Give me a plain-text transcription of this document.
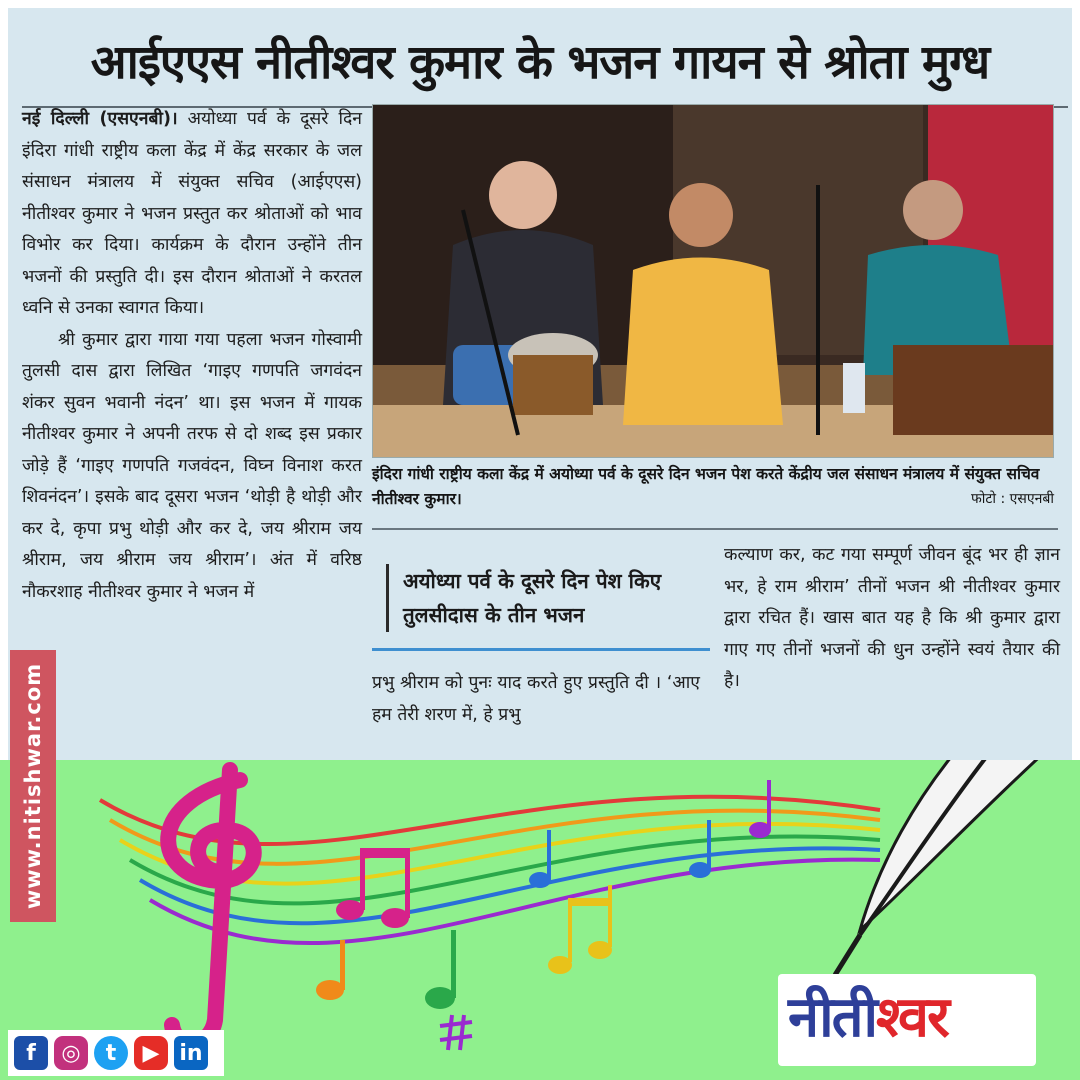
आईएएस नीतीश्वर कुमार के भजन गायन से श्रोता मुग्ध

नई दिल्ली (एसएनबी)। अयोध्या पर्व के दूसरे दिन इंदिरा गांधी राष्ट्रीय कला केंद्र में केंद्र सरकार के जल संसाधन मंत्रालय में संयुक्त सचिव (आईएएस) नीतीश्वर कुमार ने भजन प्रस्तुत कर श्रोताओं को भाव विभोर कर दिया। कार्यक्रम के दौरान उन्होंने तीन भजनों की प्रस्तुति दी। इस दौरान श्रोताओं ने करतल ध्वनि से उनका स्वागत किया।

श्री कुमार द्वारा गाया गया पहला भजन गोस्वामी तुलसी दास द्वारा लिखित ‘गाइए गणपति जगवंदन शंकर सुवन भवानी नंदन’ था। इस भजन में गायक नीतीश्वर कुमार ने अपनी तरफ से दो शब्द इस प्रकार जोड़े हैं ‘गाइए गणपति गजवंदन, विघ्न विनाश करत शिवनंदन’। इसके बाद दूसरा भजन ‘थोड़ी है थोड़ी और कर दे, कृपा प्रभु थोड़ी और कर दे, जय श्रीराम जय श्रीराम, जय श्रीराम जय श्रीराम’। अंत में वरिष्ठ नौकरशाह नीतीश्वर कुमार ने भजन में

इंदिरा गांधी राष्ट्रीय कला केंद्र में अयोध्या पर्व के दूसरे दिन भजन पेश करते केंद्रीय जल संसाधन मंत्रालय में संयुक्त सचिव नीतीश्वर कुमार।	फोटो : एसएनबी
अयोध्या पर्व के दूसरे दिन पेश किए तुलसीदास के तीन भजन
प्रभु श्रीराम को पुनः याद करते हुए प्रस्तुति दी । ‘आए हम तेरी शरण में, हे प्रभु
कल्याण कर, कट गया सम्पूर्ण जीवन बूंद भर ही ज्ञान भर, हे राम श्रीराम’ तीनों भजन श्री नीतीश्वर कुमार द्वारा रचित हैं। खास बात यह है कि श्री कुमार द्वारा गाए गए तीनों भजनों की धुन उन्होंने स्वयं तैयार की है।
www.nitishwar.com
f	◎	t	▶ in
नीतीश्वर
